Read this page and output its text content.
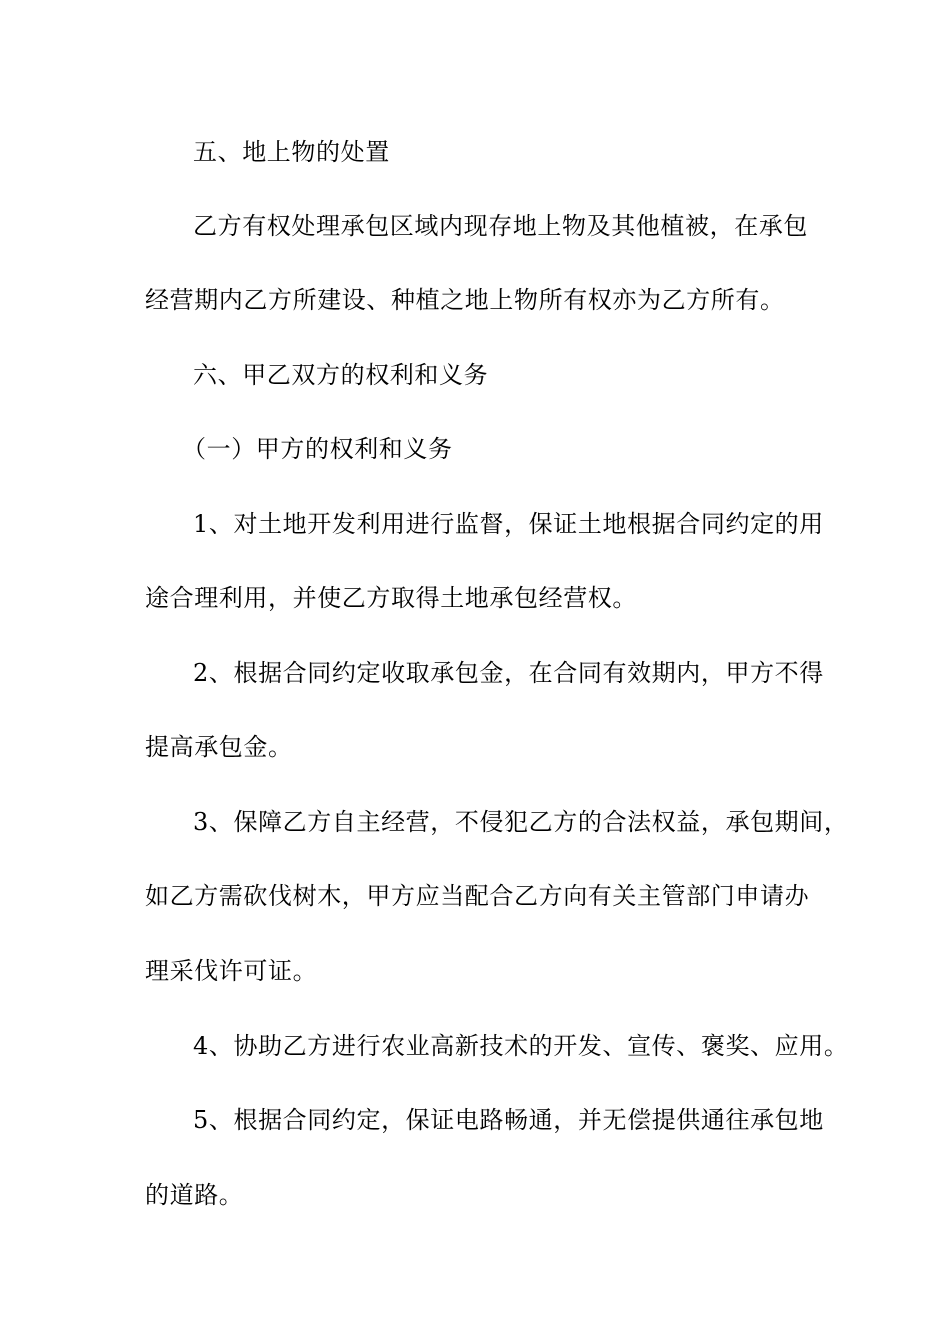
五、地上物的处置
乙方有权处理承包区域内现存地上物及其他植被，在承包
经营期内乙方所建设、种植之地上物所有权亦为乙方所有。
六、甲乙双方的权利和义务
（一）甲方的权利和义务
1、对土地开发利用进行监督，保证土地根据合同约定的用
途合理利用，并使乙方取得土地承包经营权。
2、根据合同约定收取承包金，在合同有效期内，甲方不得
提高承包金。
3、保障乙方自主经营，不侵犯乙方的合法权益，承包期间，
如乙方需砍伐树木，甲方应当配合乙方向有关主管部门申请办
理采伐许可证。
4、协助乙方进行农业高新技术的开发、宣传、褒奖、应用。
5、根据合同约定，保证电路畅通，并无偿提供通往承包地
的道路。
